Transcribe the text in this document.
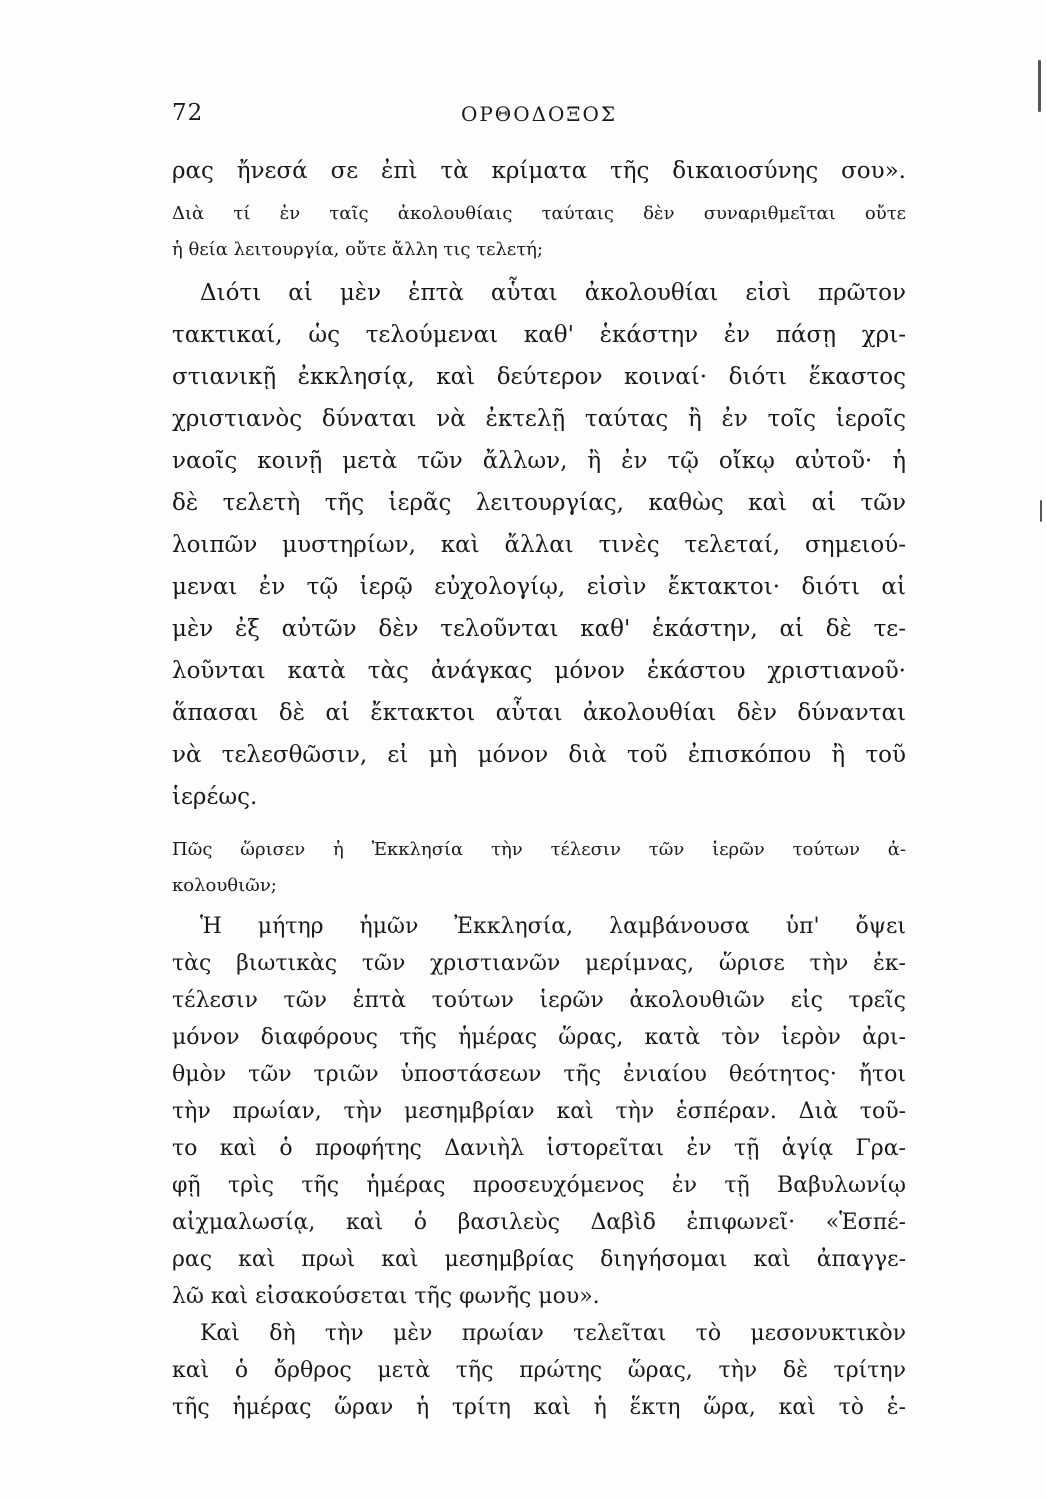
72	ΟΡΘΟΔΟΞΟΣ
ρας ἤνεσά σε ἐπὶ τὰ κρίματα τῆς δικαιοσύνης σου».
Διὰ τί ἐν ταῖς ἀκολουθίαις ταύταις δὲν συναριθμεῖται οὔτε
ἡ θεία λειτουργία, οὔτε ἄλλη τις τελετή;
Διότι αἱ μὲν ἑπτὰ αὗται ἀκολουθίαι εἰσὶ πρῶτον
τακτικαί, ὡς τελούμεναι καθ' ἑκάστην ἐν πάσῃ χρι-
στιανικῇ ἐκκλησίᾳ, καὶ δεύτερον κοιναί· διότι ἕκαστος
χριστιανὸς δύναται νὰ ἐκτελῇ ταύτας ἢ ἐν τοῖς ἱεροῖς
ναοῖς κοινῇ μετὰ τῶν ἄλλων, ἢ ἐν τῷ οἴκῳ αὐτοῦ· ἡ
δὲ τελετὴ τῆς ἱερᾶς λειτουργίας, καθὼς καὶ αἱ τῶν
λοιπῶν μυστηρίων, καὶ ἄλλαι τινὲς τελεταί, σημειού-
μεναι ἐν τῷ ἱερῷ εὐχολογίῳ, εἰσὶν ἔκτακτοι· διότι αἱ
μὲν ἐξ αὐτῶν δὲν τελοῦνται καθ' ἑκάστην, αἱ δὲ τε-
λοῦνται κατὰ τὰς ἀνάγκας μόνον ἑκάστου χριστιανοῦ·
ἅπασαι δὲ αἱ ἔκτακτοι αὗται ἀκολουθίαι δὲν δύνανται
νὰ τελεσθῶσιν, εἰ μὴ μόνον διὰ τοῦ ἐπισκόπου ἢ τοῦ
ἱερέως.
Πῶς ὥρισεν ἡ Ἐκκλησία τὴν τέλεσιν τῶν ἱερῶν τούτων ἀ-
κολουθιῶν;
Ἡ μήτηρ ἡμῶν Ἐκκλησία, λαμβάνουσα ὑπ' ὄψει
τὰς βιωτικὰς τῶν χριστιανῶν μερίμνας, ὥρισε τὴν ἐκ-
τέλεσιν τῶν ἑπτὰ τούτων ἱερῶν ἀκολουθιῶν εἰς τρεῖς
μόνον διαφόρους τῆς ἡμέρας ὥρας, κατὰ τὸν ἱερὸν ἀρι-
θμὸν τῶν τριῶν ὑποστάσεων τῆς ἐνιαίου θεότητος· ἤτοι
τὴν πρωίαν, τὴν μεσημβρίαν καὶ τὴν ἑσπέραν. Διὰ τοῦ-
το καὶ ὁ προφήτης Δανιὴλ ἱστορεῖται ἐν τῇ ἁγίᾳ Γρα-
φῇ τρὶς τῆς ἡμέρας προσευχόμενος ἐν τῇ Βαβυλωνίῳ
αἰχμαλωσίᾳ, καὶ ὁ βασιλεὺς Δαβὶδ ἐπιφωνεῖ· «Ἑσπέ-
ρας καὶ πρωὶ καὶ μεσημβρίας διηγήσομαι καὶ ἀπαγγε-
λῶ καὶ εἰσακούσεται τῆς φωνῆς μου».
Καὶ δὴ τὴν μὲν πρωίαν τελεῖται τὸ μεσονυκτικὸν
καὶ ὁ ὄρθρος μετὰ τῆς πρώτης ὥρας, τὴν δὲ τρίτην
τῆς ἡμέρας ὥραν ἡ τρίτη καὶ ἡ ἕκτη ὥρα, καὶ τὸ ἑ-
